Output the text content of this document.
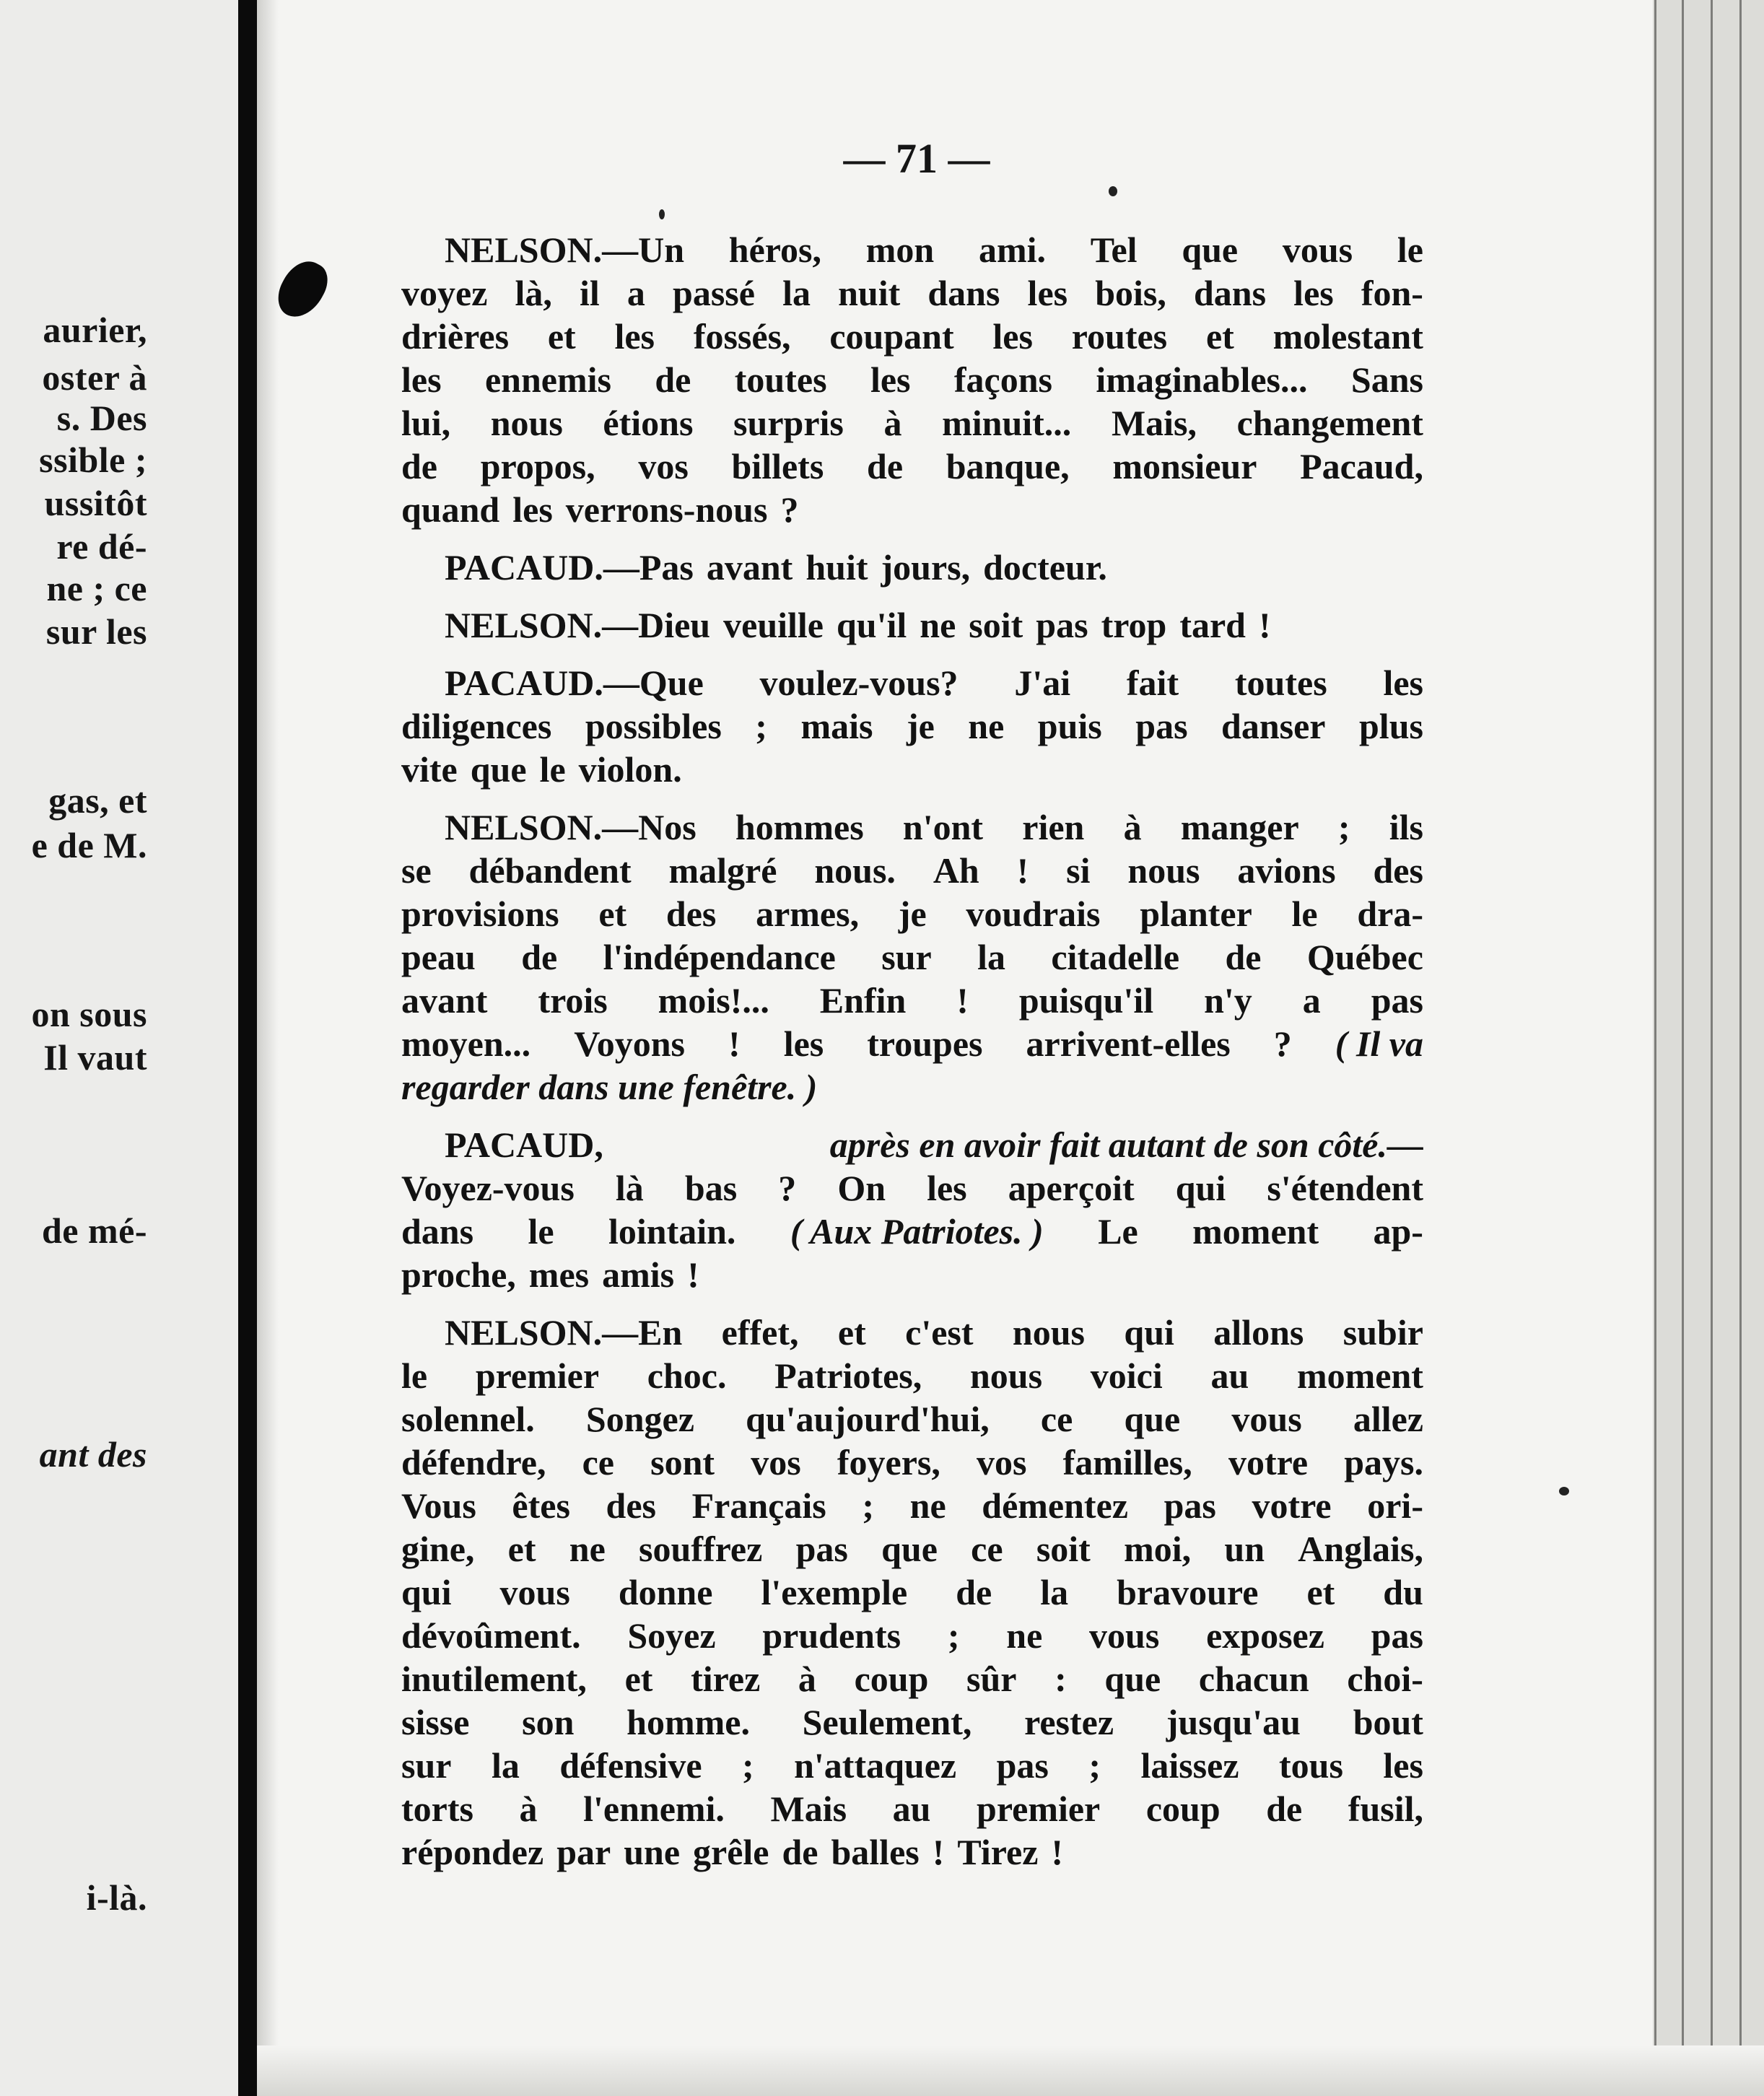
aurier,
oster à
s. Des
ssible ;
ussitôt
re dé-
ne ; ce
sur les
gas, et
e de M.
on sous
Il vaut
de mé-
ant des
i-là.
— 71 —
NELSON.—Un héros, mon ami. Tel que vous le
voyez là, il a passé la nuit dans les bois, dans les fon-
drières et les fossés, coupant les routes et molestant
les ennemis de toutes les façons imaginables... Sans
lui, nous étions surpris à minuit... Mais, changement
de propos, vos billets de banque, monsieur Pacaud,
quand les verrons-nous ?
PACAUD.—Pas avant huit jours, docteur.
NELSON.—Dieu veuille qu'il ne soit pas trop tard !
PACAUD.—Que voulez-vous? J'ai fait toutes les
diligences possibles ; mais je ne puis pas danser plus
vite que le violon.
NELSON.—Nos hommes n'ont rien à manger ; ils
se débandent malgré nous. Ah ! si nous avions des
provisions et des armes, je voudrais planter le dra-
peau de l'indépendance sur la citadelle de Québec
avant trois mois!... Enfin ! puisqu'il n'y a pas
moyen... Voyons ! les troupes arrivent-elles ? ( Il va
regarder dans une fenêtre. )
PACAUD,	après en avoir fait autant de son côté.—
Voyez-vous là bas ? On les aperçoit qui s'étendent
dans le lointain. ( Aux Patriotes. ) Le moment ap-
proche, mes amis !
NELSON.—En effet, et c'est nous qui allons subir
le premier choc. Patriotes, nous voici au moment
solennel. Songez qu'aujourd'hui, ce que vous allez
défendre, ce sont vos foyers, vos familles, votre pays.
Vous êtes des Français ; ne démentez pas votre ori-
gine, et ne souffrez pas que ce soit moi, un Anglais,
qui vous donne l'exemple de la bravoure et du
dévoûment. Soyez prudents ; ne vous exposez pas
inutilement, et tirez à coup sûr : que chacun choi-
sisse son homme. Seulement, restez jusqu'au bout
sur la défensive ; n'attaquez pas ; laissez tous les
torts à l'ennemi. Mais au premier coup de fusil,
répondez par une grêle de balles ! Tirez !
